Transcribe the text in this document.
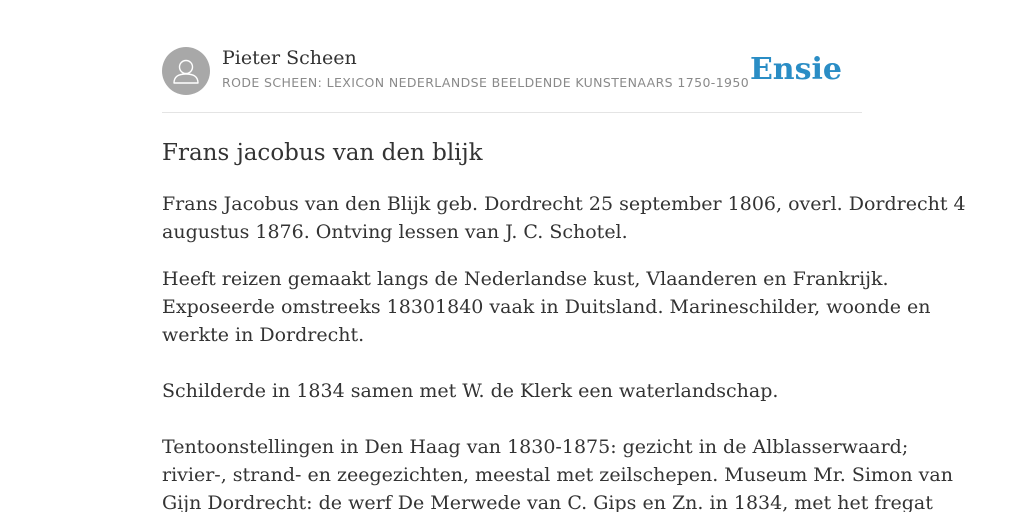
Pieter Scheen
RODE SCHEEN: LEXICON NEDERLANDSE BEELDENDE KUNSTENAARS 1750-1950 Ensie
Frans jacobus van den blijk

Frans Jacobus van den Blijk geb. Dordrecht 25 september 1806, overl. Dordrecht 4
augustus 1876. Ontving lessen van J. C. Schotel.

Heeft reizen gemaakt langs de Nederlandse kust, Vlaanderen en Frankrijk.
Exposeerde omstreeks 18301840 vaak in Duitsland. Marineschilder, woonde en
werkte in Dordrecht.

Schilderde in 1834 samen met W. de Klerk een waterlandschap.

Tentoonstellingen in Den Haag van 1830-1875: gezicht in de Alblasserwaard;
rivier-, strand- en zeegezichten, meestal met zeilschepen. Museum Mr. Simon van
Gijn Dordrecht: de werf De Merwede van C. Gips en Zn. in 1834, met het fregat
